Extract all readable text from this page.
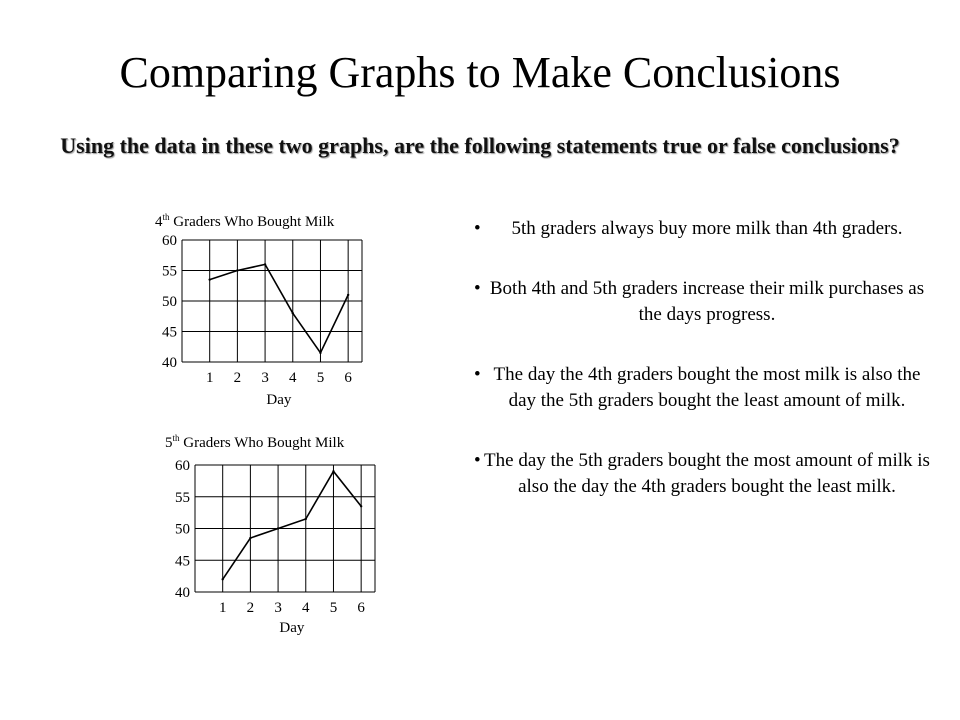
Comparing Graphs to Make Conclusions
Using the data in these two graphs, are the following statements true or false conclusions?
4th Graders Who Bought Milk
40
45
50
55
60
1 2 3 4 5 6
Day
5th Graders Who Bought Milk
40
45
50
55
60
1 2 3 4 5 6
Day
• 5th graders always buy more milk than 4th graders.
• Both 4th and 5th graders increase their milk purchases as the days progress.
• The day the 4th graders bought the most milk is also the day the 5th graders bought the least amount of milk.
• The day the 5th graders bought the most amount of milk is also the day the 4th graders bought the least milk.
